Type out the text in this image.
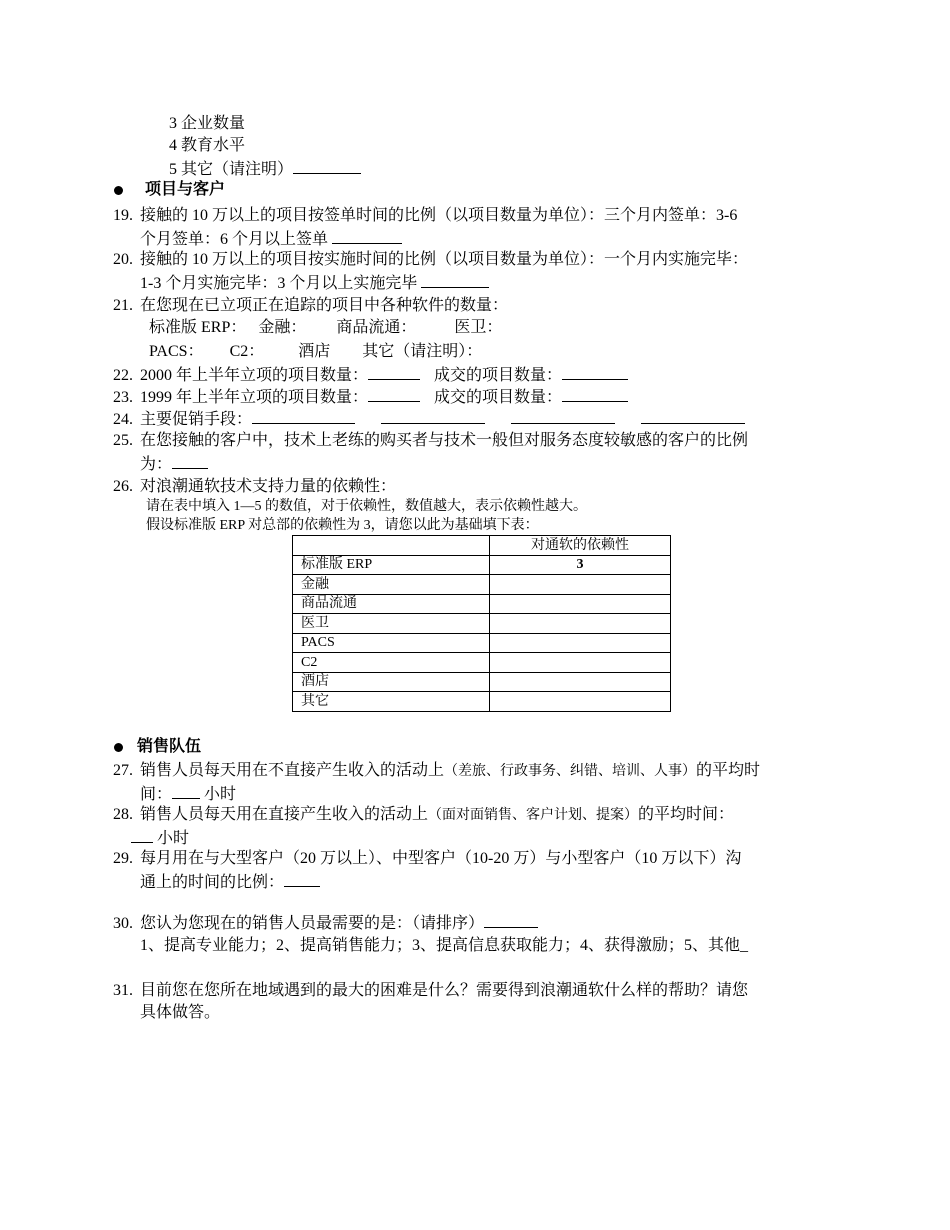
3 企业数量
4 教育水平
5 其它（请注明）
项目与客户
19. 接触的 10 万以上的项目按签单时间的比例（以项目数量为单位）：三个月内签单：3-6
个月签单：6 个月以上签单
20. 接触的 10 万以上的项目按实施时间的比例（以项目数量为单位）：一个月内实施完毕：
1-3 个月实施完毕：3 个月以上实施完毕
21. 在您现在已立项正在追踪的项目中各种软件的数量：
标准版 ERP： 金融： 商品流通： 医卫：
PACS： C2： 酒店 其它（请注明）：
22. 2000 年上半年立项的项目数量：	成交的项目数量：
23. 1999 年上半年立项的项目数量：	成交的项目数量：
24. 主要促销手段：
25. 在您接触的客户中，技术上老练的购买者与技术一般但对服务态度较敏感的客户的比例
为：
26. 对浪潮通软技术支持力量的依赖性：
请在表中填入 1—5 的数值，对于依赖性，数值越大，表示依赖性越大。
假设标准版 ERP 对总部的依赖性为 3，请您以此为基础填下表：
	对通软的依赖性
标准版 ERP	3
金融	
商品流通	
医卫	
PACS	
C2	
酒店	
其它	
销售队伍
27. 销售人员每天用在不直接产生收入的活动上（差旅、行政事务、纠错、培训、人事）的平均时
间： 小时
28. 销售人员每天用在直接产生收入的活动上（面对面销售、客户计划、提案）的平均时间：
小时
29. 每月用在与大型客户（20 万以上）、中型客户（10-20 万）与小型客户（10 万以下）沟
通上的时间的比例：
30. 您认为您现在的销售人员最需要的是：（请排序）
1、提高专业能力；2、提高销售能力；3、提高信息获取能力；4、获得激励；5、其他_
31. 目前您在您所在地域遇到的最大的困难是什么？需要得到浪潮通软什么样的帮助？请您
具体做答。
